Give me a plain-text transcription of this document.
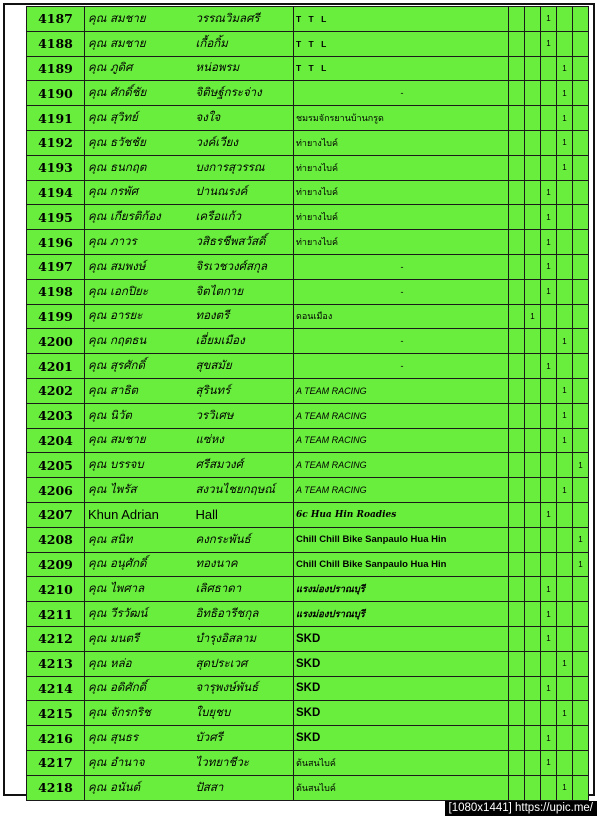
4187	คุณ สมชาย	วรรณวิมลศรี	T T L			1		
4188	คุณ สมชาย	เกื้อกิ้ม	T T L			1		
4189	คุณ ภูดิศ	หน่อพรม	T T L				1	
4190	คุณ ศักดิ์ชัย	จิติษฐ์กระจ่าง	-				1	
4191	คุณ สุวิทย์	จงใจ	ชมรมจักรยานบ้านกรูด				1	
4192	คุณ ธวัชชัย	วงค์เวียง	ท่ายางไบค์				1	
4193	คุณ ธนกฤต	บงการสุวรรณ	ท่ายางไบค์				1	
4194	คุณ กรพัศ	ปานณรงค์	ท่ายางไบค์			1		
4195	คุณ เกียรติก้อง	เครือแก้ว	ท่ายางไบค์			1		
4196	คุณ ภาวร	วสิธรชีพสวัสดิ์	ท่ายางไบค์			1		
4197	คุณ สมพงษ์	จิรเวชวงศ์สกุล	-			1		
4198	คุณ เอกปิยะ	จิตไตกาย	-			1		
4199	คุณ อารยะ	ทองตรี	ดอนเมือง		1			
4200	คุณ กฤตธน	เอี่ยมเมือง	-				1	
4201	คุณ สุรศักดิ์	สุขสมัย	-			1		
4202	คุณ สาธิต	สุรินทร์	A TEAM RACING				1	
4203	คุณ นิวัต	วรวิเศษ	A TEAM RACING				1	
4204	คุณ สมชาย	แซ่หง	A TEAM RACING				1	
4205	คุณ บรรจบ	ศรีสมวงศ์	A TEAM RACING					1
4206	คุณ ไพรัส	สงวนไชยกฤษณ์	A TEAM RACING				1	
4207	Khun Adrian	Hall	6c Hua Hin Roadies			1		
4208	คุณ สนิท	คงกระพันธ์	Chill Chill Bike Sanpaulo Hua Hin					1
4209	คุณ อนุศักดิ์	ทองนาค	Chill Chill Bike Sanpaulo Hua Hin					1
4210	คุณ ไพศาล	เลิศธาดา	แรงม่องปราณบุรี			1		
4211	คุณ วีรวัฒน์	อิทธิอารีชกุล	แรงม่องปราณบุรี			1		
4212	คุณ มนตรี	บำรุงอิสลาม	SKD			1		
4213	คุณ หล่อ	สุดประเวศ	SKD				1	
4214	คุณ อดิศักดิ์	จารุพงษ์พันธ์	SKD			1		
4215	คุณ จักรกริช	ใบยุชบ	SKD				1	
4216	คุณ สุนธร	บัวศรี	SKD			1		
4217	คุณ อำนาจ	ไวทยาชีวะ	ต้นสนไบค์			1		
4218	คุณ อนันต์	ปัสสา	ต้นสนไบค์				1	
[1080x1441] https://upic.me/
